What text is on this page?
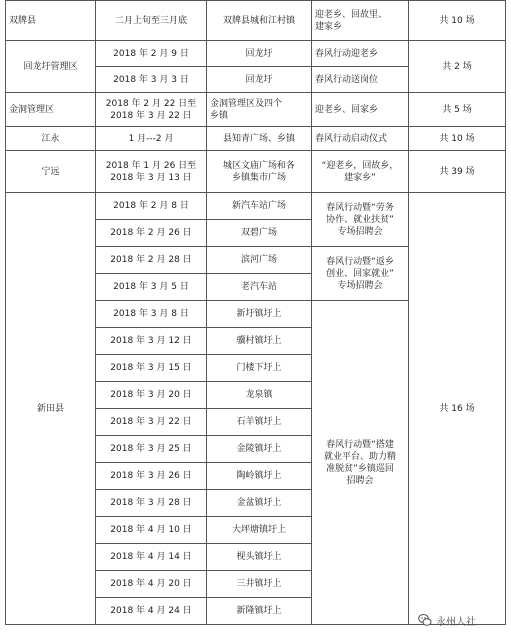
双牌县	二月上旬至三月底	双牌县城和江村镇	迎老乡、回故里、
建家乡	共 10 场
回龙圩管理区	2018 年 2 月 9 日	回龙圩	春风行动迎老乡	共 2 场
	2018 年 3 月 3 日	回龙圩	春风行动送岗位	
金洞管理区	2018 年 2 月 22 日至
2018 年 3 月 22 日	金洞管理区及四个
乡镇	迎老乡、回家乡	共 5 场
江永	1 月---2 月	县知青广场、乡镇	春风行动启动仪式	共 10 场
宁远	2018 年 1 月 26 日至
2018 年 3 月 13 日	城区文庙广场和各
乡镇集市广场	“迎老乡，回故乡，
建家乡”	共 39 场
新田县	2018 年 2 月 8 日	新汽车站广场	春风行动暨“劳务
协作、就业扶贫”
专场招聘会	共 16 场
	2018 年 2 月 26 日	双碧广场		
	2018 年 2 月 28 日	滨河广场	春风行动暨“返乡
创业、回家就业”
专场招聘会	
	2018 年 3 月 5 日	老汽车站		
	2018 年 3 月 8 日	新圩镇圩上	春风行动暨“搭建
就业平台、助力精
准脱贫”乡镇巡回
招聘会	
	2018 年 3 月 12 日	骥村镇圩上		
	2018 年 3 月 15 日	门楼下圩上		
	2018 年 3 月 20 日	龙泉镇		
	2018 年 3 月 22 日	石羊镇圩上		
	2018 年 3 月 25 日	金陵镇圩上		
	2018 年 3 月 26 日	陶岭镇圩上		
	2018 年 3 月 28 日	金盆镇圩上		
	2018 年 4 月 10 日	大坪塘镇圩上		
	2018 年 4 月 14 日	枧头镇圩上		
	2018 年 4 月 20 日	三井镇圩上		
	2018 年 4 月 24 日	新隆镇圩上		
永州人社
